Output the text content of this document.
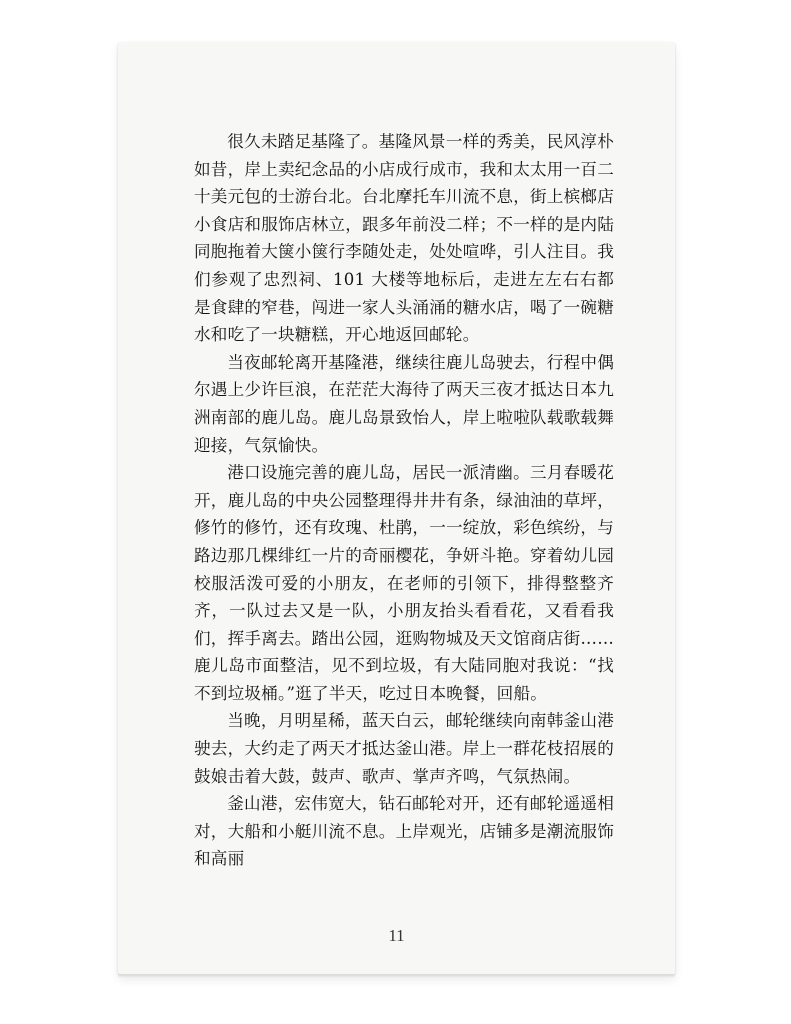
很久未踏足基隆了。基隆风景一样的秀美，民风淳朴如昔，岸上卖纪念品的小店成行成市，我和太太用一百二十美元包的士游台北。台北摩托车川流不息，街上槟榔店小食店和服饰店林立，跟多年前没二样；不一样的是内陆同胞拖着大箧小箧行李随处走，处处喧哗，引人注目。我们参观了忠烈祠、101 大楼等地标后，走进左左右右都是食肆的窄巷，闯进一家人头涌涌的糖水店，喝了一碗糖水和吃了一块糖糕，开心地返回邮轮。

当夜邮轮离开基隆港，继续往鹿儿岛驶去，行程中偶尔遇上少许巨浪，在茫茫大海待了两天三夜才抵达日本九洲南部的鹿儿岛。鹿儿岛景致怡人，岸上啦啦队载歌载舞迎接，气氛愉快。

港口设施完善的鹿儿岛，居民一派清幽。三月春暖花开，鹿儿岛的中央公园整理得井井有条，绿油油的草坪，修竹的修竹，还有玫瑰、杜鹃，一一绽放，彩色缤纷，与路边那几棵绯红一片的奇丽樱花，争妍斗艳。穿着幼儿园校服活泼可爱的小朋友，在老师的引领下，排得整整齐齐，一队过去又是一队，小朋友抬头看看花，又看看我们，挥手离去。踏出公园，逛购物城及天文馆商店街……鹿儿岛市面整洁，见不到垃圾，有大陆同胞对我说：“找不到垃圾桶。”逛了半天，吃过日本晚餐，回船。

当晚，月明星稀，蓝天白云，邮轮继续向南韩釜山港驶去，大约走了两天才抵达釜山港。岸上一群花枝招展的鼓娘击着大鼓，鼓声、歌声、掌声齐鸣，气氛热闹。

釜山港，宏伟宽大，钻石邮轮对开，还有邮轮遥遥相对，大船和小艇川流不息。上岸观光，店铺多是潮流服饰和高丽

11
